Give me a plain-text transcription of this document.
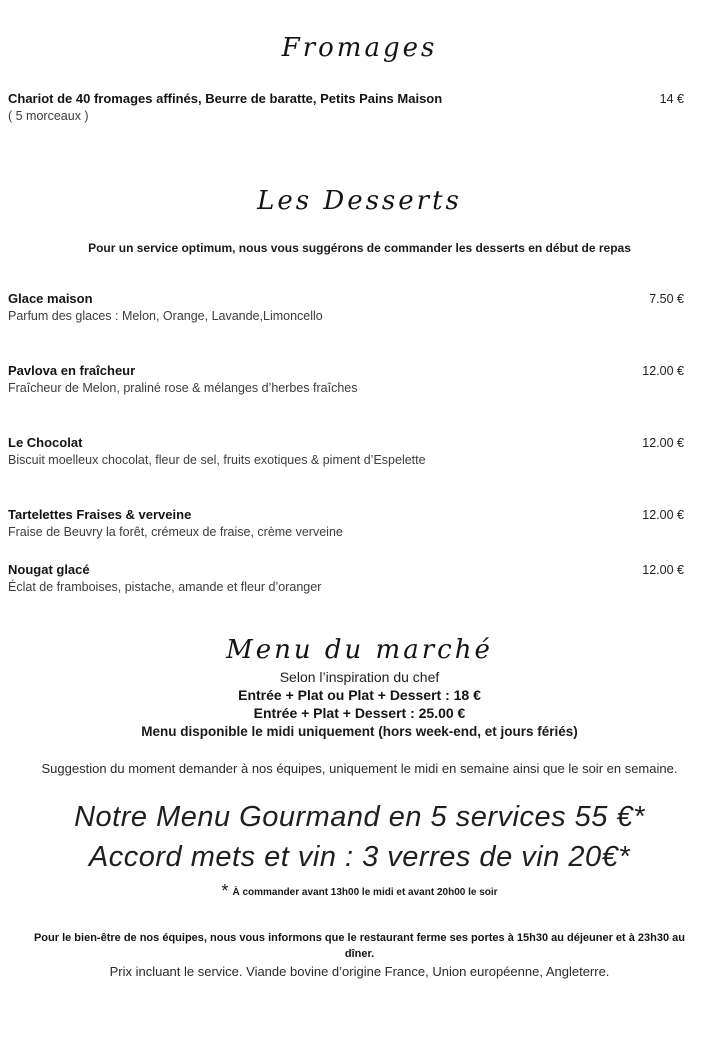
Fromages
Chariot de 40 fromages affinés, Beurre de baratte, Petits Pains Maison	14 €
( 5 morceaux )
Les Desserts
Pour un service optimum, nous vous suggérons de commander les desserts en début de repas
Glace maison	7.50 €
Parfum des glaces : Melon, Orange, Lavande,Limoncello
Pavlova en fraîcheur	12.00 €
Fraîcheur de Melon, praliné rose & mélanges d’herbes fraîches
Le Chocolat	12.00 €
Biscuit moelleux chocolat, fleur de sel, fruits exotiques & piment d’Espelette
Tartelettes Fraises & verveine	12.00 €
Fraise de Beuvry la forêt, crémeux de fraise, crème verveine
Nougat glacé	12.00 €
Éclat de framboises, pistache, amande et fleur d’oranger
Menu du marché
Selon l’inspiration du chef
Entrée + Plat ou Plat + Dessert : 18 €
Entrée + Plat + Dessert : 25.00 €
Menu disponible le midi uniquement (hors week-end, et jours fériés)
Suggestion du moment demander à nos équipes, uniquement le midi en semaine ainsi que le soir en semaine.
Notre Menu Gourmand en 5 services 55 €*
Accord mets et vin : 3 verres de vin 20€*
* À commander avant 13h00 le midi et avant 20h00 le soir
Pour le bien-être de nos équipes, nous vous informons que le restaurant ferme ses portes à 15h30 au déjeuner et à 23h30 au dîner.
Prix incluant le service. Viande bovine d’origine France, Union européenne, Angleterre.
